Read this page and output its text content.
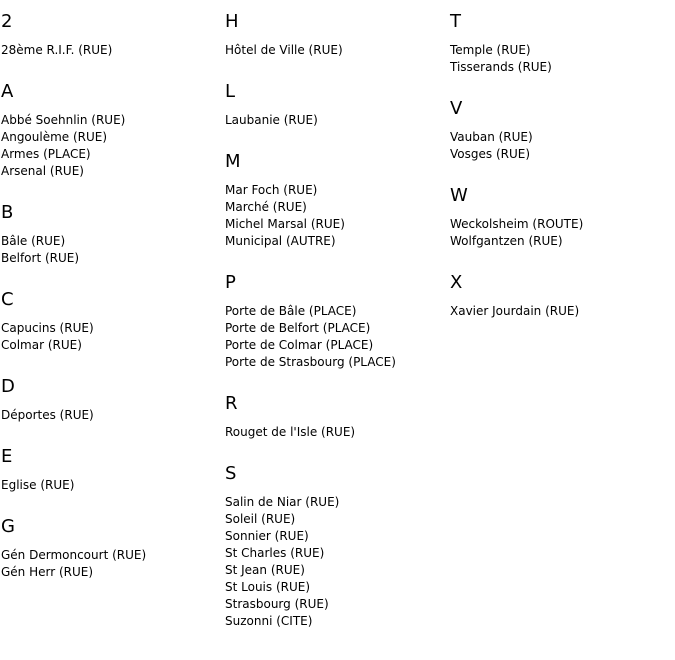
2
28ème R.I.F. (RUE)
A
Abbé Soehnlin (RUE)
Angoulème (RUE)
Armes (PLACE)
Arsenal (RUE)
B
Bâle (RUE)
Belfort (RUE)
C
Capucins (RUE)
Colmar (RUE)
D
Déportes (RUE)
E
Eglise (RUE)
G
Gén Dermoncourt (RUE)
Gén Herr (RUE)
H
Hôtel de Ville (RUE)
L
Laubanie (RUE)
M
Mar Foch (RUE)
Marché (RUE)
Michel Marsal (RUE)
Municipal (AUTRE)
P
Porte de Bâle (PLACE)
Porte de Belfort (PLACE)
Porte de Colmar (PLACE)
Porte de Strasbourg (PLACE)
R
Rouget de l'Isle (RUE)
S
Salin de Niar (RUE)
Soleil (RUE)
Sonnier (RUE)
St Charles (RUE)
St Jean (RUE)
St Louis (RUE)
Strasbourg (RUE)
Suzonni (CITE)
T
Temple (RUE)
Tisserands (RUE)
V
Vauban (RUE)
Vosges (RUE)
W
Weckolsheim (ROUTE)
Wolfgantzen (RUE)
X
Xavier Jourdain (RUE)
